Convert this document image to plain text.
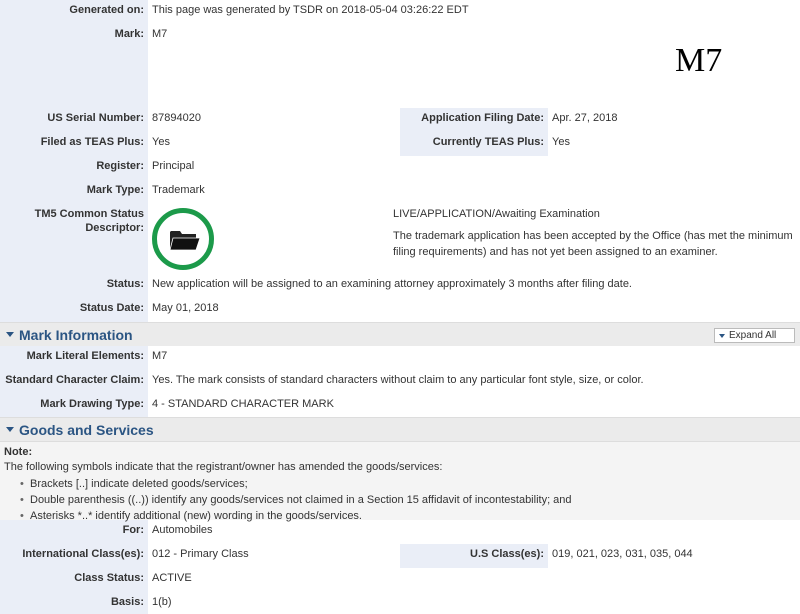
Generated on: This page was generated by TSDR on 2018-05-04 03:26:22 EDT
Mark: M7
M7
US Serial Number: 87894020	Application Filing Date: Apr. 27, 2018
Filed as TEAS Plus: Yes	Currently TEAS Plus: Yes
Register: Principal
Mark Type: Trademark
TM5 Common Status
Descriptor:
LIVE/APPLICATION/Awaiting Examination
The trademark application has been accepted by the Office (has met the minimum filing requirements) and has not yet been assigned to an examiner.
Status: New application will be assigned to an examining attorney approximately 3 months after filing date.
Status Date: May 01, 2018
Mark Information	Expand All
Mark Literal Elements: M7
Standard Character Claim: Yes. The mark consists of standard characters without claim to any particular font style, size, or color.
Mark Drawing Type: 4 - STANDARD CHARACTER MARK
Goods and Services
Note:
The following symbols indicate that the registrant/owner has amended the goods/services:
• Brackets [..] indicate deleted goods/services;
• Double parenthesis ((..)) identify any goods/services not claimed in a Section 15 affidavit of incontestability; and
• Asterisks *..* identify additional (new) wording in the goods/services.
For: Automobiles
International Class(es): 012 - Primary Class	U.S Class(es): 019, 021, 023, 031, 035, 044
Class Status: ACTIVE
Basis: 1(b)
